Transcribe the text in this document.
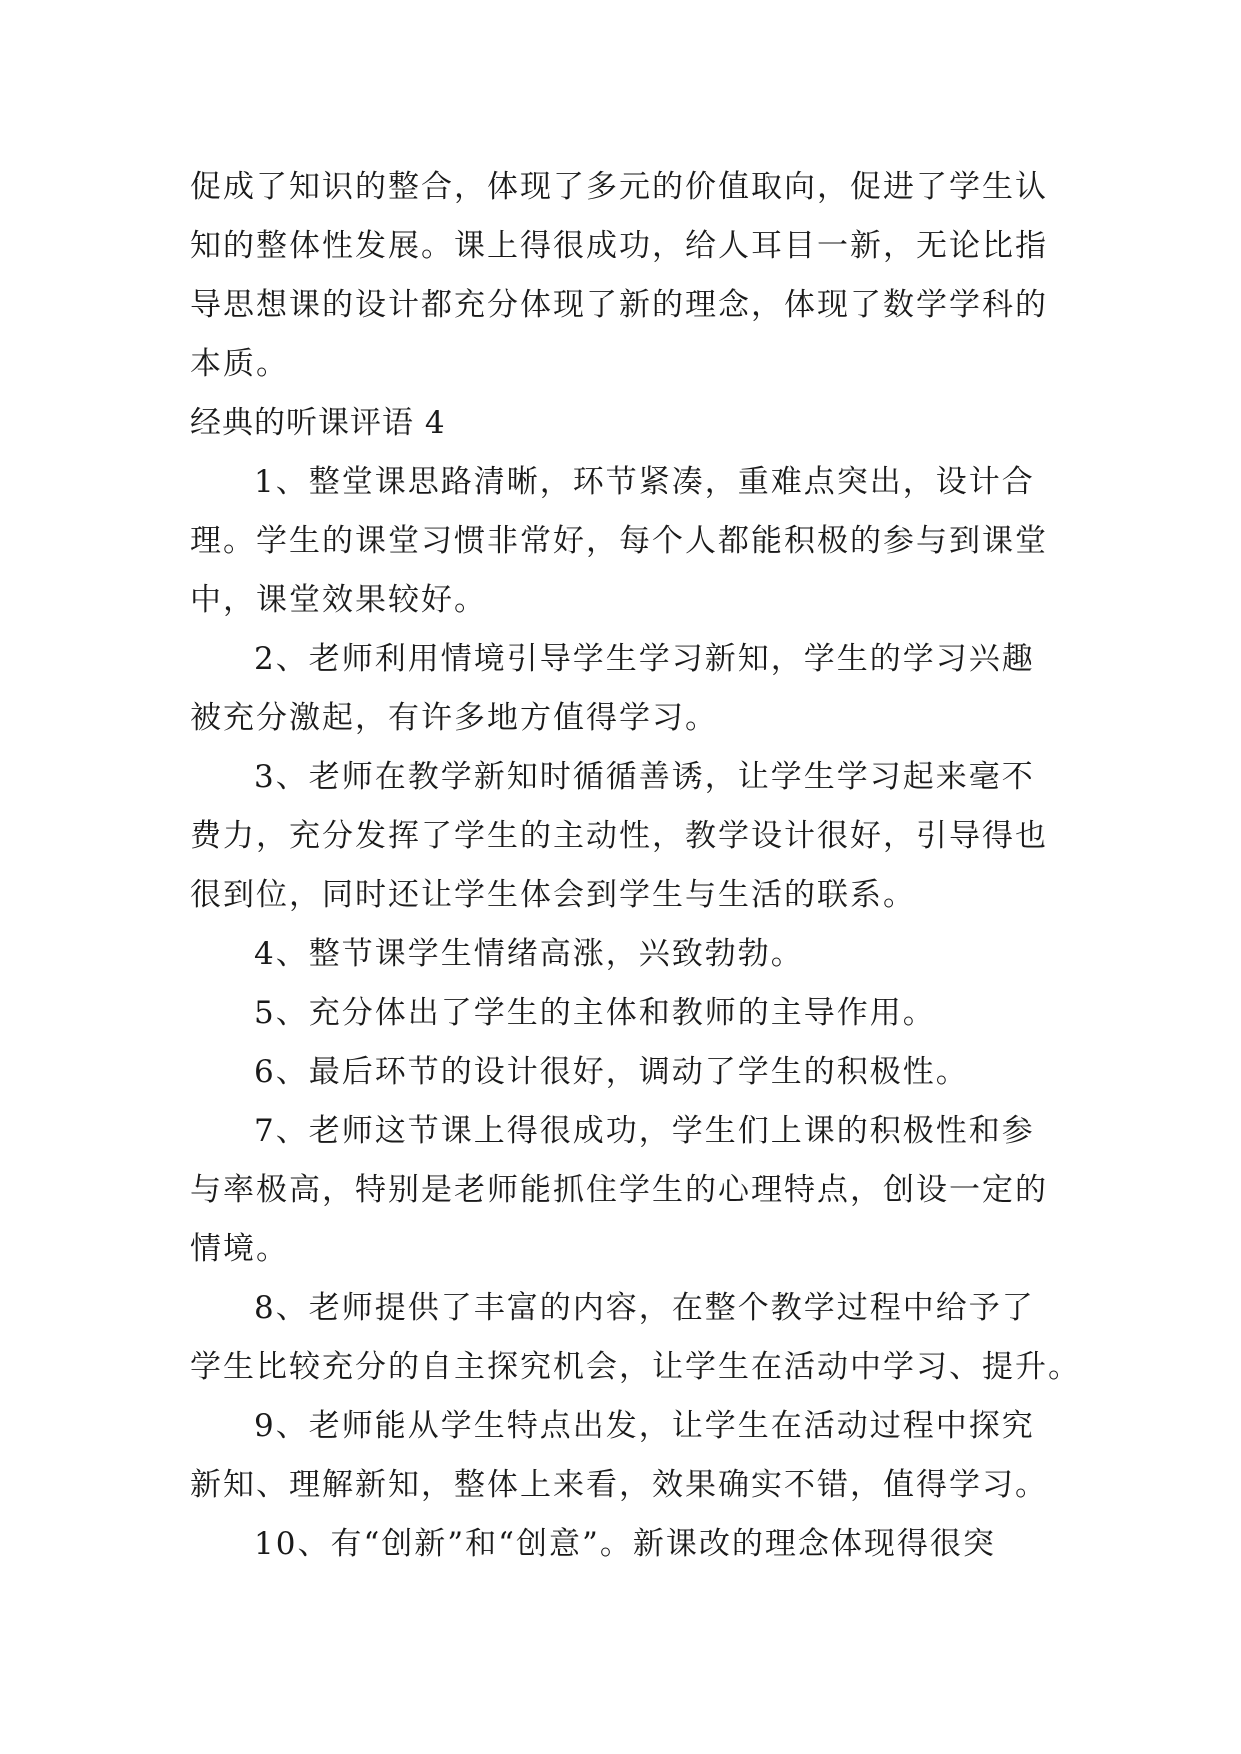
促成了知识的整合，体现了多元的价值取向，促进了学生认
知的整体性发展。课上得很成功，给人耳目一新，无论比指
导思想课的设计都充分体现了新的理念，体现了数学学科的
本质。
经典的听课评语 4
1、整堂课思路清晰，环节紧凑，重难点突出，设计合
理。学生的课堂习惯非常好，每个人都能积极的参与到课堂
中，课堂效果较好。
2、老师利用情境引导学生学习新知，学生的学习兴趣
被充分激起，有许多地方值得学习。
3、老师在教学新知时循循善诱，让学生学习起来毫不
费力，充分发挥了学生的主动性，教学设计很好，引导得也
很到位，同时还让学生体会到学生与生活的联系。
4、整节课学生情绪高涨，兴致勃勃。
5、充分体出了学生的主体和教师的主导作用。
6、最后环节的设计很好，调动了学生的积极性。
7、老师这节课上得很成功，学生们上课的积极性和参
与率极高，特别是老师能抓住学生的心理特点，创设一定的
情境。
8、老师提供了丰富的内容，在整个教学过程中给予了
学生比较充分的自主探究机会，让学生在活动中学习、提升。
9、老师能从学生特点出发，让学生在活动过程中探究
新知、理解新知，整体上来看，效果确实不错，值得学习。
10、有“创新”和“创意”。新课改的理念体现得很突
